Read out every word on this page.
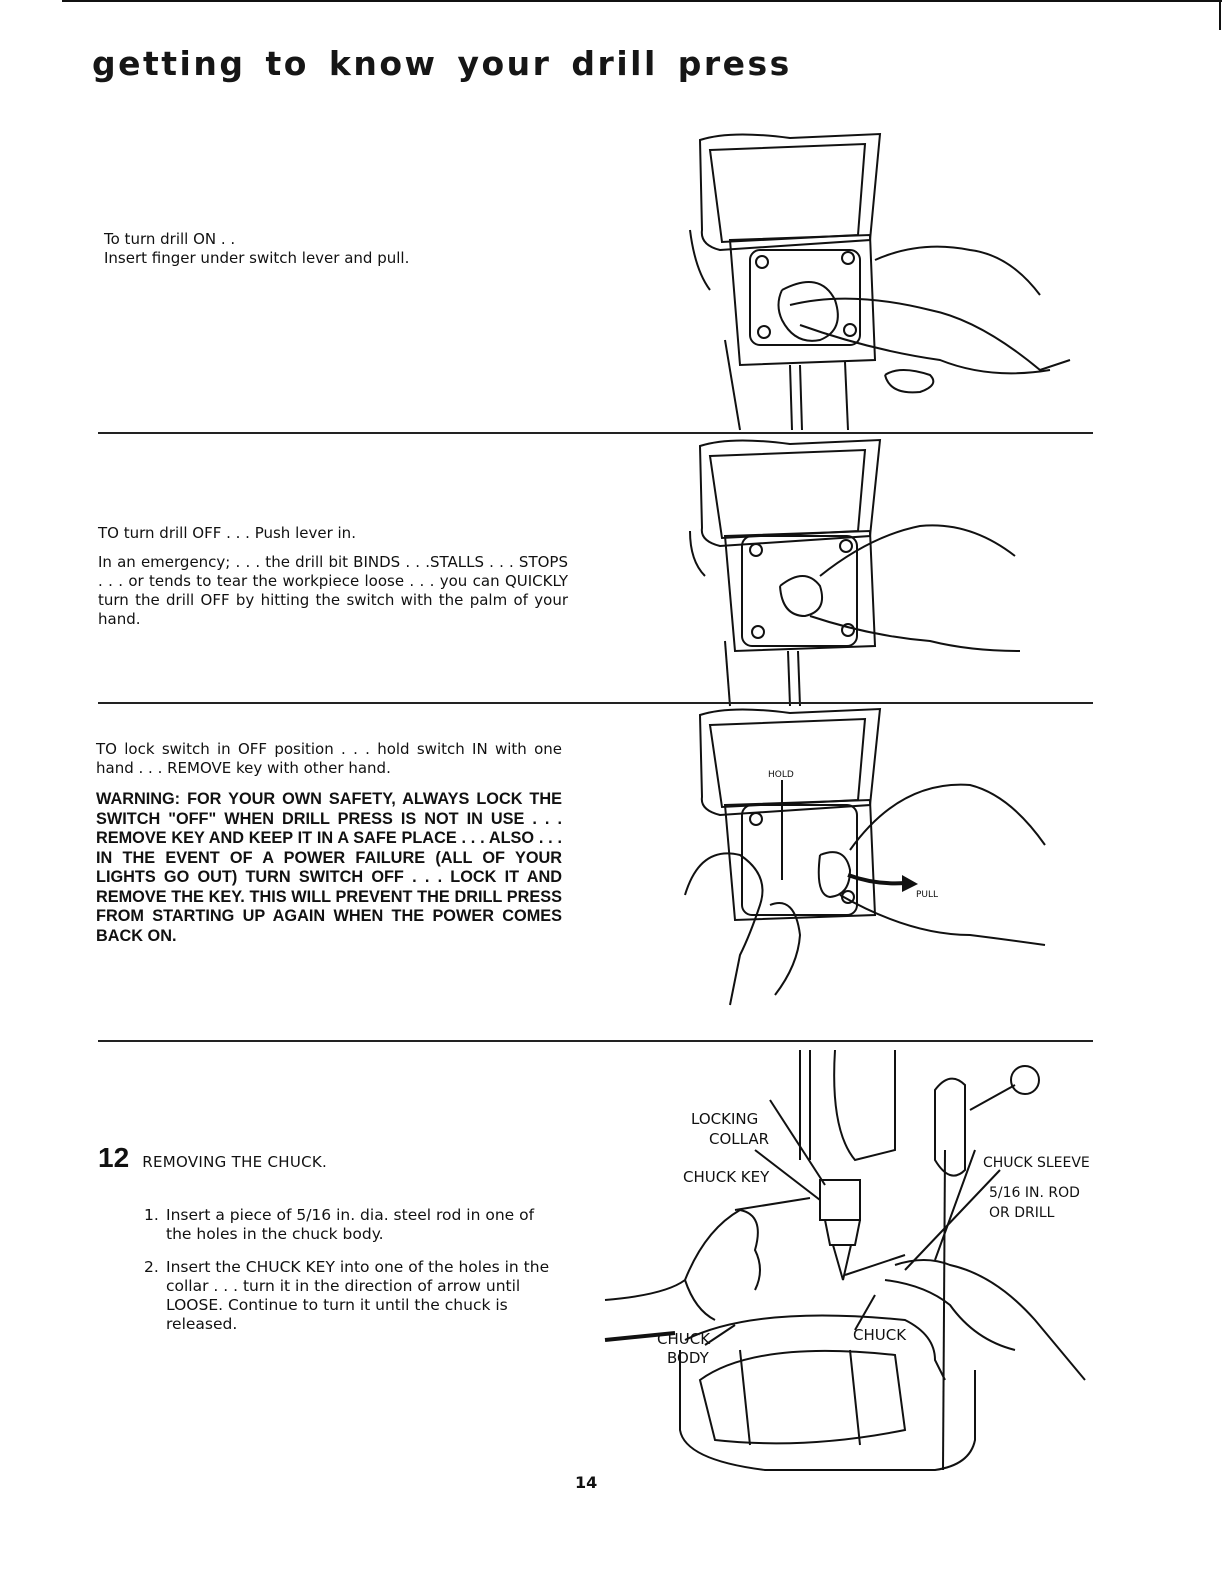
getting to know your drill press

To turn drill ON . .

Insert finger under switch lever and pull.

TO turn drill OFF . . . Push lever in.

In an emergency; . . . the drill bit BINDS . . .STALLS . . . STOPS . . . or tends to tear the workpiece loose . . . you can QUICKLY turn the drill OFF by hitting the switch with the palm of your hand.

TO lock switch in OFF position . . . hold switch IN with one hand . . . REMOVE key with other hand.

WARNING: FOR YOUR OWN SAFETY, ALWAYS LOCK THE SWITCH "OFF" WHEN DRILL PRESS IS NOT IN USE . . . REMOVE KEY AND KEEP IT IN A SAFE PLACE . . . ALSO . . . IN THE EVENT OF A POWER FAILURE (ALL OF YOUR LIGHTS GO OUT) TURN SWITCH OFF . . . LOCK IT AND REMOVE THE KEY. THIS WILL PREVENT THE DRILL PRESS FROM STARTING UP AGAIN WHEN THE POWER COMES BACK ON.

HOLD
PULL
12 REMOVING THE CHUCK.
1. Insert a piece of 5/16 in. dia. steel rod in one of the holes in the chuck body.
2. Insert the CHUCK KEY into one of the holes in the collar . . . turn it in the direction of arrow until LOOSE. Continue to turn it until the chuck is released.
LOCKING
COLLAR
CHUCK KEY
CHUCK SLEEVE
5/16 IN. ROD
OR DRILL
CHUCK
BODY
CHUCK
14
